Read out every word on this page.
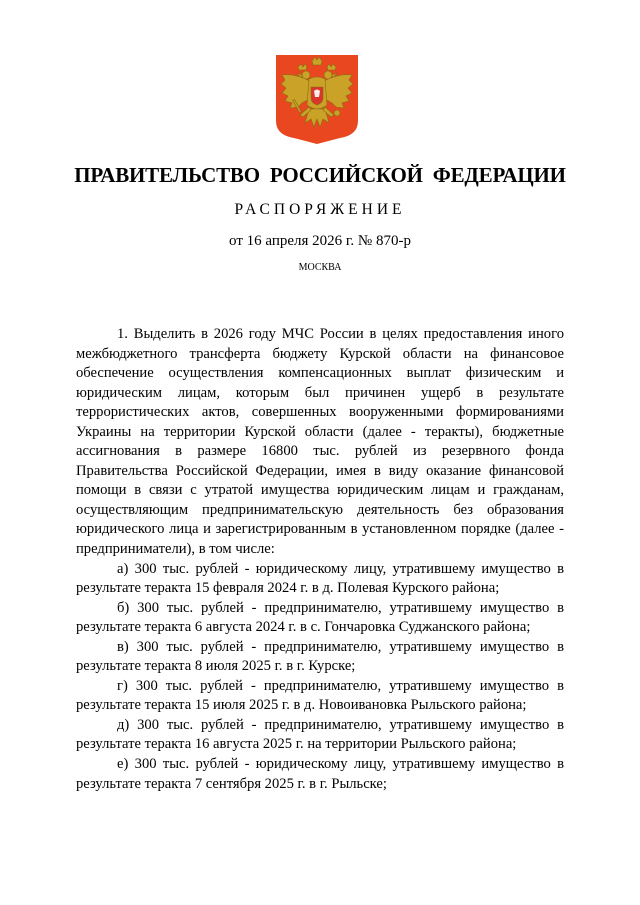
ПРАВИТЕЛЬСТВО РОССИЙСКОЙ ФЕДЕРАЦИИ
РАСПОРЯЖЕНИЕ
от 16 апреля 2026 г. № 870-р
МОСКВА

1. Выделить в 2026 году МЧС России в целях предоставления иного межбюджетного трансферта бюджету Курской области на финансовое обеспечение осуществления компенсационных выплат физическим и юридическим лицам, которым был причинен ущерб в результате террористических актов, совершенных вооруженными формированиями Украины на территории Курской области (далее - теракты), бюджетные ассигнования в размере 16800 тыс. рублей из резервного фонда Правительства Российской Федерации, имея в виду оказание финансовой помощи в связи с утратой имущества юридическим лицам и гражданам, осуществляющим предпринимательскую деятельность без образования юридического лица и зарегистрированным в установленном порядке (далее - предприниматели), в том числе:

а) 300 тыс. рублей - юридическому лицу, утратившему имущество в результате теракта 15 февраля 2024 г. в д. Полевая Курского района;

б) 300 тыс. рублей - предпринимателю, утратившему имущество в результате теракта 6 августа 2024 г. в с. Гончаровка Суджанского района;

в) 300 тыс. рублей - предпринимателю, утратившему имущество в результате теракта 8 июля 2025 г. в г. Курске;

г) 300 тыс. рублей - предпринимателю, утратившему имущество в результате теракта 15 июля 2025 г. в д. Новоивановка Рыльского района;

д) 300 тыс. рублей - предпринимателю, утратившему имущество в результате теракта 16 августа 2025 г. на территории Рыльского района;

е) 300 тыс. рублей - юридическому лицу, утратившему имущество в результате теракта 7 сентября 2025 г. в г. Рыльске;
